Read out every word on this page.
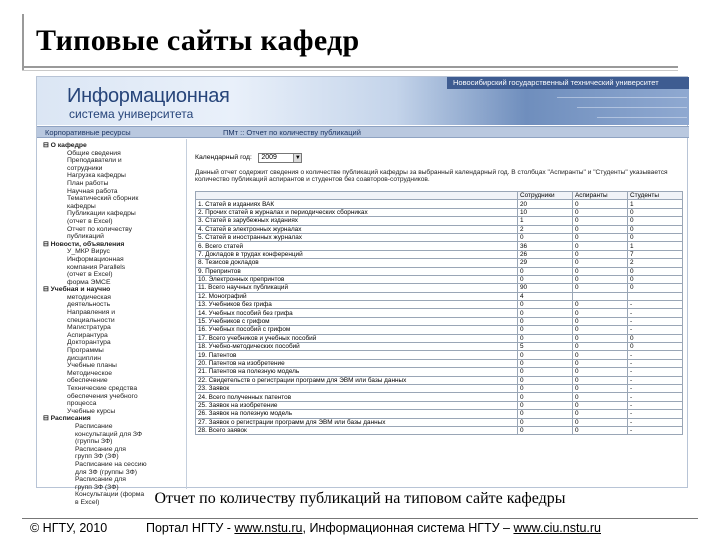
Типовые сайты кафедр
Новосибирский государственный технический университет
Информационная
система университета
Корпоративные ресурсы	ПМт :: Отчет по количеству публикаций
⊟ О кафедре
Общие сведения
Преподаватели и
сотрудники
Нагрузка кафедры
План работы
Научная работа
Тематический сборник
кафедры
Публикации кафедры
(отчет в Excel)
Отчет по количеству
публикаций
⊟ Новости, объявления
У_МКР Вирус
Информационная
компания Parallels
(отчет в Excel)
форма ЭМСЕ
⊟ Учебная и научно
методическая
деятельность
Направления и
специальности
Магистратура
Аспирантура
Докторантура
Программы
дисциплин
Учебные планы
Методическое
обеспечение
Технические средства
обеспечения учебного
процесса
Учебные курсы
⊟ Расписания
Расписание
консультаций для ЗФ
(группы ЗФ)
Расписание для
групп ЗФ (ЗФ)
Расписание на сессию
для ЗФ (группы ЗФ)
Расписание для
групп ЗФ (ЗФ)
Консультации (форма
в Excel)
Календарный год: 2009	▼
Данный отчет содержит сведения о количестве публикаций кафедры за выбранный календарный год. В столбцах "Аспиранты" и "Студенты" указывается количество публикаций аспирантов и студентов без соавторов-сотрудников.
	Сотрудники	Аспиранты	Студенты
1. Статей в изданиях ВАК	20	0	1
2. Прочих статей в журналах и периодических сборниках	10	0	0
3. Статей в зарубежных изданиях	1	0	0
4. Статей в электронных журналах	2	0	0
5. Статей в иностранных журналах	0	0	0
6. Всего статей	36	0	1
7. Докладов в трудах конференций	26	0	7
8. Тезисов докладов	29	0	2
9. Препринтов	0	0	0
10. Электронных препринтов	0	0	0
11. Всего научных публикаций	90	0	0
12. Монографий	4		
13. Учебников без грифа	0	0	-
14. Учебных пособий без грифа	0	0	-
15. Учебников с грифом	0	0	-
16. Учебных пособий с грифом	0	0	-
17. Всего учебников и учебных пособий	0	0	0
18. Учебно-методических пособий	5	0	0
19. Патентов	0	0	-
20. Патентов на изобретение	0	0	-
21. Патентов на полезную модель	0	0	-
22. Свидетельств о регистрации программ для ЭВМ или базы данных	0	0	-
23. Заявок	0	0	-
24. Всего полученных патентов	0	0	-
25. Заявок на изобретение	0	0	-
26. Заявок на полезную модель	0	0	-
27. Заявок о регистрации программ для ЭВМ или базы данных	0	0	-
28. Всего заявок	0	0	-
Отчет по количеству публикаций на типовом сайте кафедры
© НГТУ, 2010	Портал НГТУ - www.nstu.ru, Информационная система НГТУ – www.ciu.nstu.ru
